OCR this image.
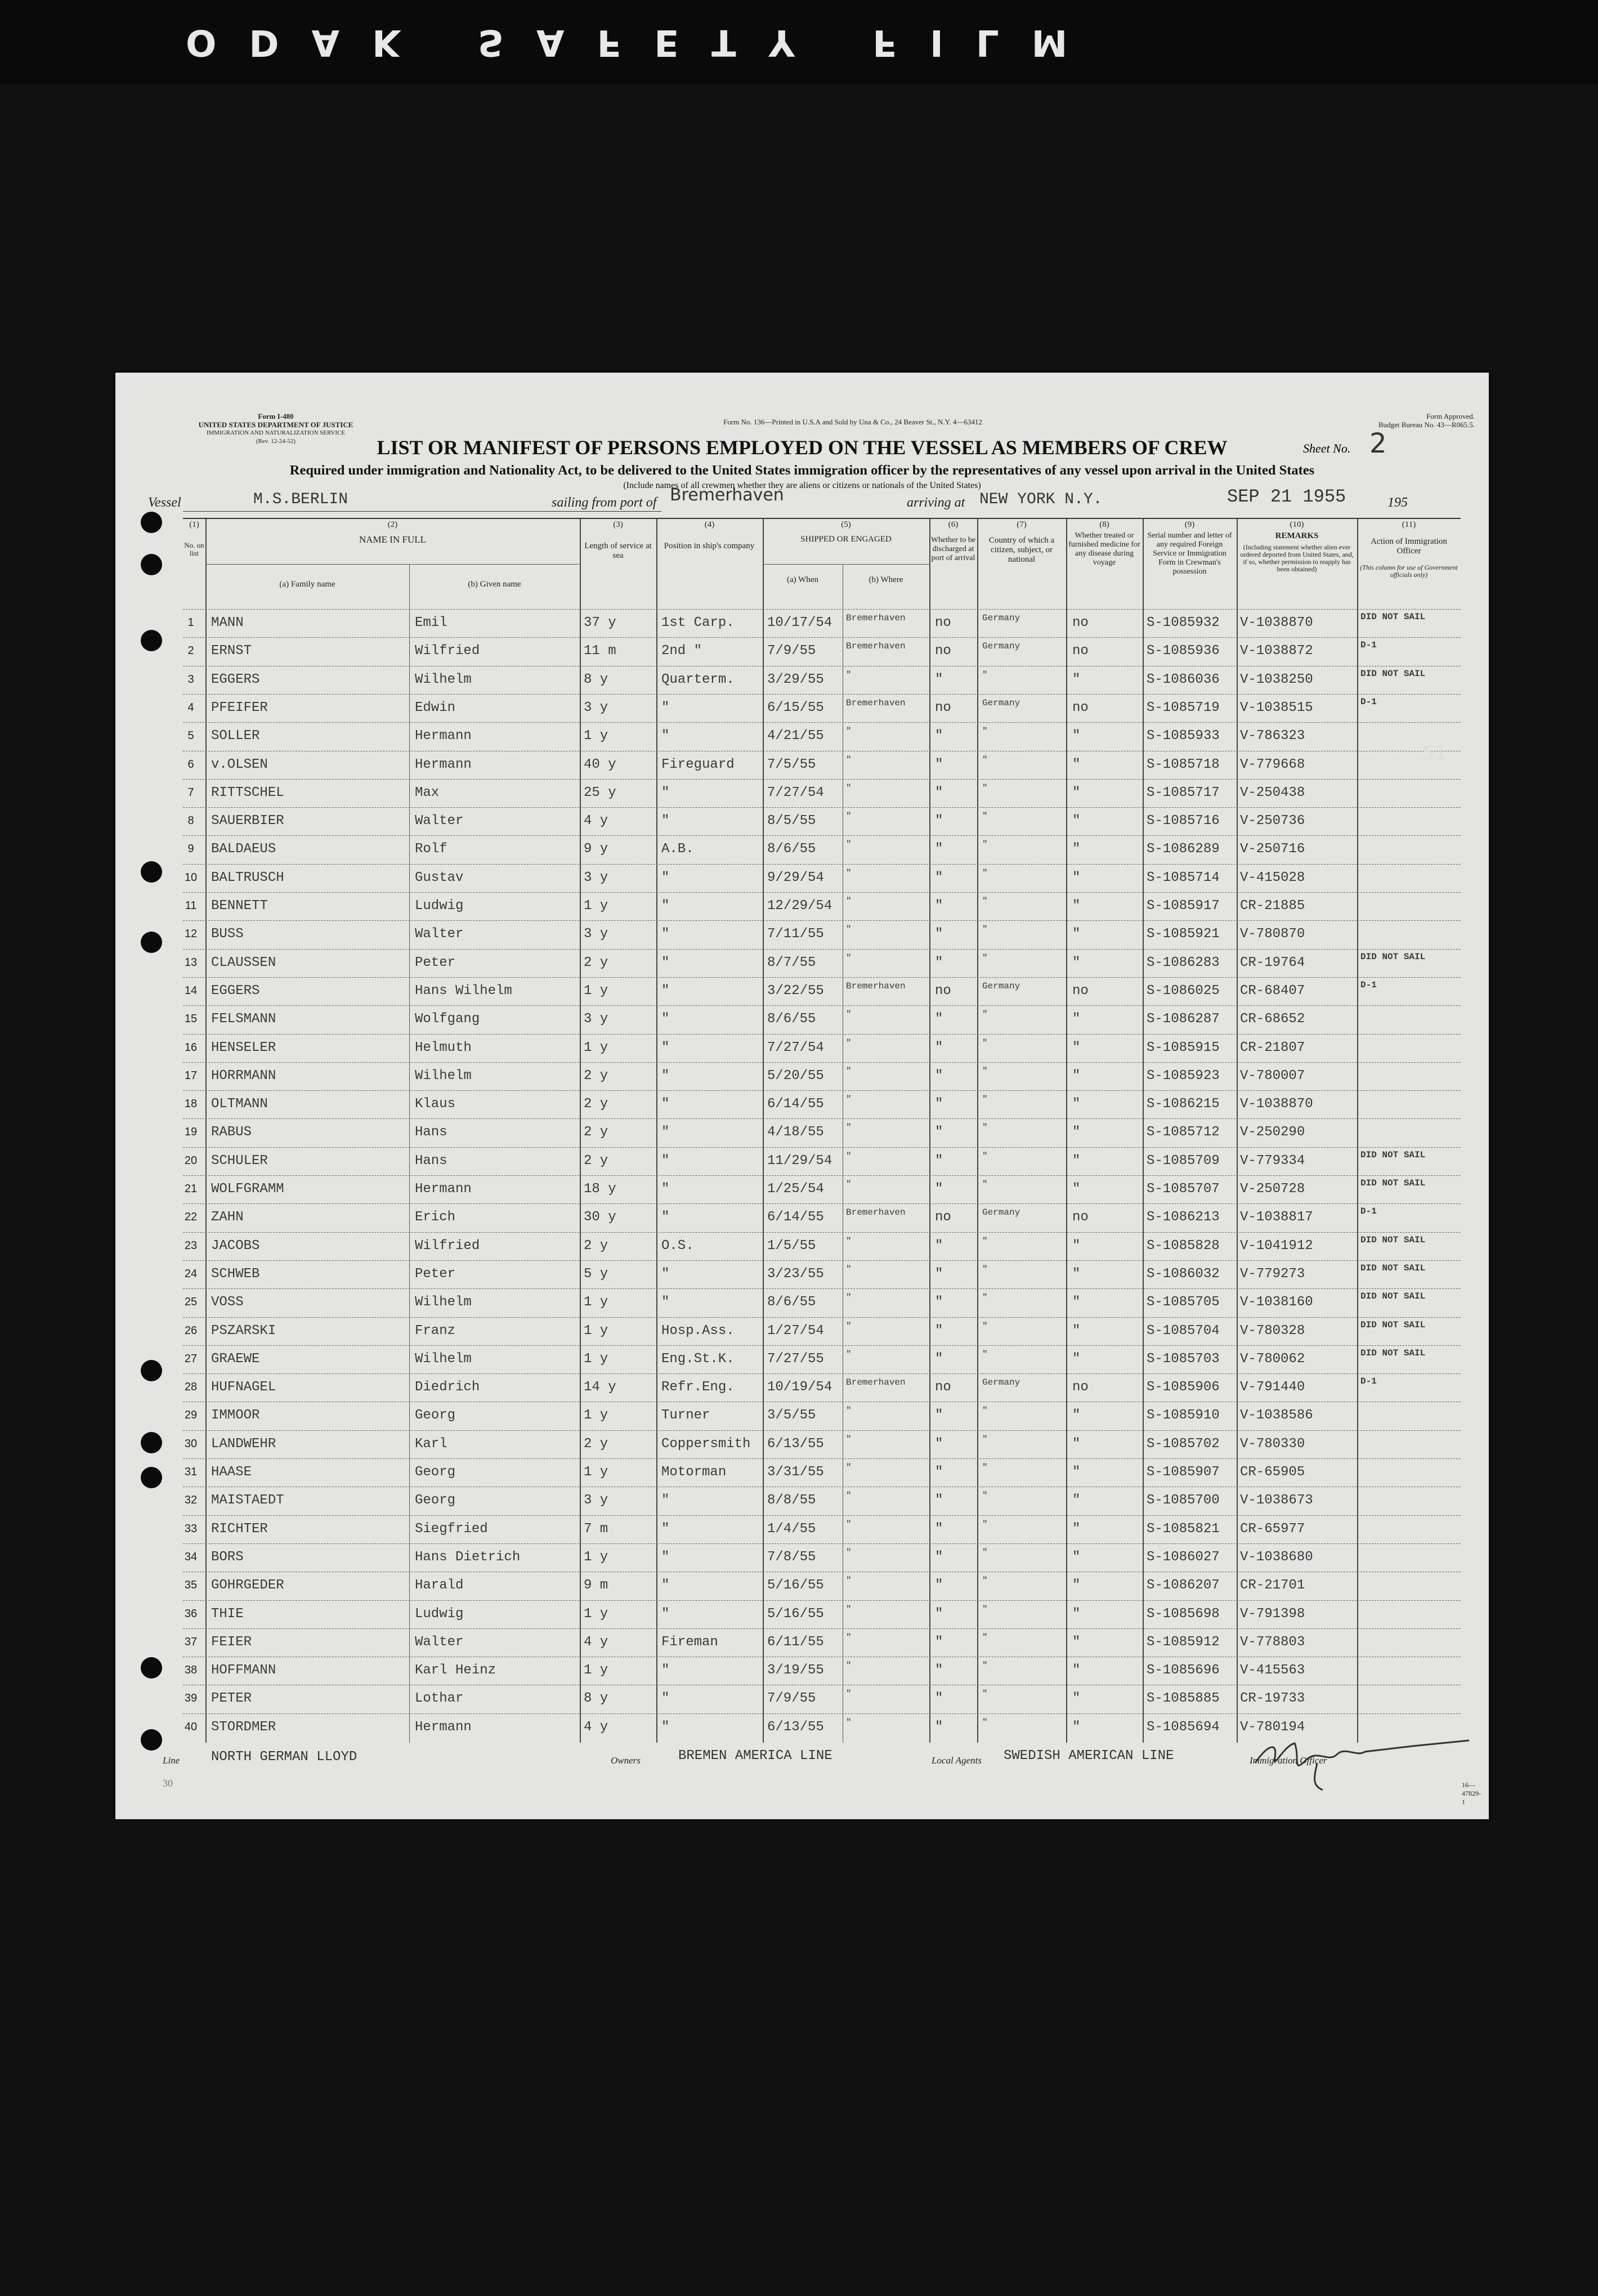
ODAK SAFETY FILM
Form I-480
UNITED STATES DEPARTMENT OF JUSTICE
IMMIGRATION AND NATURALIZATION SERVICE
(Rev. 12-24-52)
Form No. 136—Printed in U.S.A and Sold by Una & Co., 24 Beaver St., N.Y. 4—63412
Form Approved.
Budget Bureau No. 43—R065.5.
LIST OR MANIFEST OF PERSONS EMPLOYED ON THE VESSEL AS MEMBERS OF CREW	Sheet No. 2
Required under immigration and Nationality Act, to be delivered to the United States immigration officer by the representatives of any vessel upon arrival in the United States
(Include names of all crewmen whether they are aliens or citizens or nationals of the United States)
Vessel	M.S.BERLIN	sailing from port of Bremerhaven	arriving at NEW YORK N.Y.	SEP 21 1955	195
(1)
No. on list
(2)
NAME IN FULL
(a) Family name	(b) Given name
(3)
Length of service at sea
(4)
Position in ship's company
(5)
SHIPPED OR ENGAGED
(a) When	(b) Where
(6)
Whether to be discharged at port of arrival
(7)
Country of which a citizen, subject, or national
(8)
Whether treated or furnished medicine for any disease during voyage
(9)
Serial number and letter of any required Foreign Service or Immigration Form in Crewman's possession
(10)
REMARKS
(Including statement whether alien ever ordered deported from United States, and, if so, whether permission to reapply has been obtained)
(11)
Action of Immigration Officer
(This column for use of Government officials only)
1	MANN	Emil	37 y	1st Carp.	10/17/54	Bremerhaven	no	Germany	no	S-1085932	V-1038870	DID NOT SAIL
2	ERNST	Wilfried	11 m	2nd "	7/9/55	Bremerhaven	no	Germany	no	S-1085936	V-1038872	D-1
3	EGGERS	Wilhelm	8 y	Quarterm.	3/29/55	"	"	"	"	S-1086036	V-1038250	DID NOT SAIL
4	PFEIFER	Edwin	3 y	"	6/15/55	Bremerhaven	no	Germany	no	S-1085719	V-1038515	D-1
5	SOLLER	Hermann	1 y	"	4/21/55	"	"	"	"	S-1085933	V-786323
6	v.OLSEN	Hermann	40 y	Fireguard	7/5/55	"	"	"	"	S-1085718	V-779668
7	RITTSCHEL	Max	25 y	"	7/27/54	"	"	"	"	S-1085717	V-250438
8	SAUERBIER	Walter	4 y	"	8/5/55	"	"	"	"	S-1085716	V-250736
9	BALDAEUS	Rolf	9 y	A.B.	8/6/55	"	"	"	"	S-1086289	V-250716
10	BALTRUSCH	Gustav	3 y	"	9/29/54	"	"	"	"	S-1085714	V-415028
11	BENNETT	Ludwig	1 y	"	12/29/54	"	"	"	"	S-1085917	CR-21885
12	BUSS	Walter	3 y	"	7/11/55	"	"	"	"	S-1085921	V-780870
13	CLAUSSEN	Peter	2 y	"	8/7/55	"	"	"	"	S-1086283	CR-19764	DID NOT SAIL
14	EGGERS	Hans Wilhelm	1 y	"	3/22/55	Bremerhaven	no	Germany	no	S-1086025	CR-68407	D-1
15	FELSMANN	Wolfgang	3 y	"	8/6/55	"	"	"	"	S-1086287	CR-68652
16	HENSELER	Helmuth	1 y	"	7/27/54	"	"	"	"	S-1085915	CR-21807
17	HORRMANN	Wilhelm	2 y	"	5/20/55	"	"	"	"	S-1085923	V-780007
18	OLTMANN	Klaus	2 y	"	6/14/55	"	"	"	"	S-1086215	V-1038870
19	RABUS	Hans	2 y	"	4/18/55	"	"	"	"	S-1085712	V-250290
20	SCHULER	Hans	2 y	"	11/29/54	"	"	"	"	S-1085709	V-779334	DID NOT SAIL
21	WOLFGRAMM	Hermann	18 y	"	1/25/54	"	"	"	"	S-1085707	V-250728	DID NOT SAIL
22	ZAHN	Erich	30 y	"	6/14/55	Bremerhaven	no	Germany	no	S-1086213	V-1038817	D-1
23	JACOBS	Wilfried	2 y	O.S.	1/5/55	"	"	"	"	S-1085828	V-1041912	DID NOT SAIL
24	SCHWEB	Peter	5 y	"	3/23/55	"	"	"	"	S-1086032	V-779273	DID NOT SAIL
25	VOSS	Wilhelm	1 y	"	8/6/55	"	"	"	"	S-1085705	V-1038160	DID NOT SAIL
26	PSZARSKI	Franz	1 y	Hosp.Ass.	1/27/54	"	"	"	"	S-1085704	V-780328	DID NOT SAIL
27	GRAEWE	Wilhelm	1 y	Eng.St.K.	7/27/55	"	"	"	"	S-1085703	V-780062	DID NOT SAIL
28	HUFNAGEL	Diedrich	14 y	Refr.Eng.	10/19/54	Bremerhaven	no	Germany	no	S-1085906	V-791440	D-1
29	IMMOOR	Georg	1 y	Turner	3/5/55	"	"	"	"	S-1085910	V-1038586
30	LANDWEHR	Karl	2 y	Coppersmith	6/13/55	"	"	"	"	S-1085702	V-780330
31	HAASE	Georg	1 y	Motorman	3/31/55	"	"	"	"	S-1085907	CR-65905
32	MAISTAEDT	Georg	3 y	"	8/8/55	"	"	"	"	S-1085700	V-1038673
33	RICHTER	Siegfried	7 m	"	1/4/55	"	"	"	"	S-1085821	CR-65977
34	BORS	Hans Dietrich	1 y	"	7/8/55	"	"	"	"	S-1086027	V-1038680
35	GOHRGEDER	Harald	9 m	"	5/16/55	"	"	"	"	S-1086207	CR-21701
36	THIE	Ludwig	1 y	"	5/16/55	"	"	"	"	S-1085698	V-791398
37	FEIER	Walter	4 y	Fireman	6/11/55	"	"	"	"	S-1085912	V-778803
38	HOFFMANN	Karl Heinz	1 y	"	3/19/55	"	"	"	"	S-1085696	V-415563
39	PETER	Lothar	8 y	"	7/9/55	"	"	"	"	S-1085885	CR-19733
40	STORDMER	Hermann	4 y	"	6/13/55	"	"	"	"	S-1085694	V-780194
Line NORTH GERMAN LLOYD	Owners	BREMEN AMERICA LINE	Local Agents SWEDISH AMERICAN LINE	Immigration Officer
16—47829-1
30
51
